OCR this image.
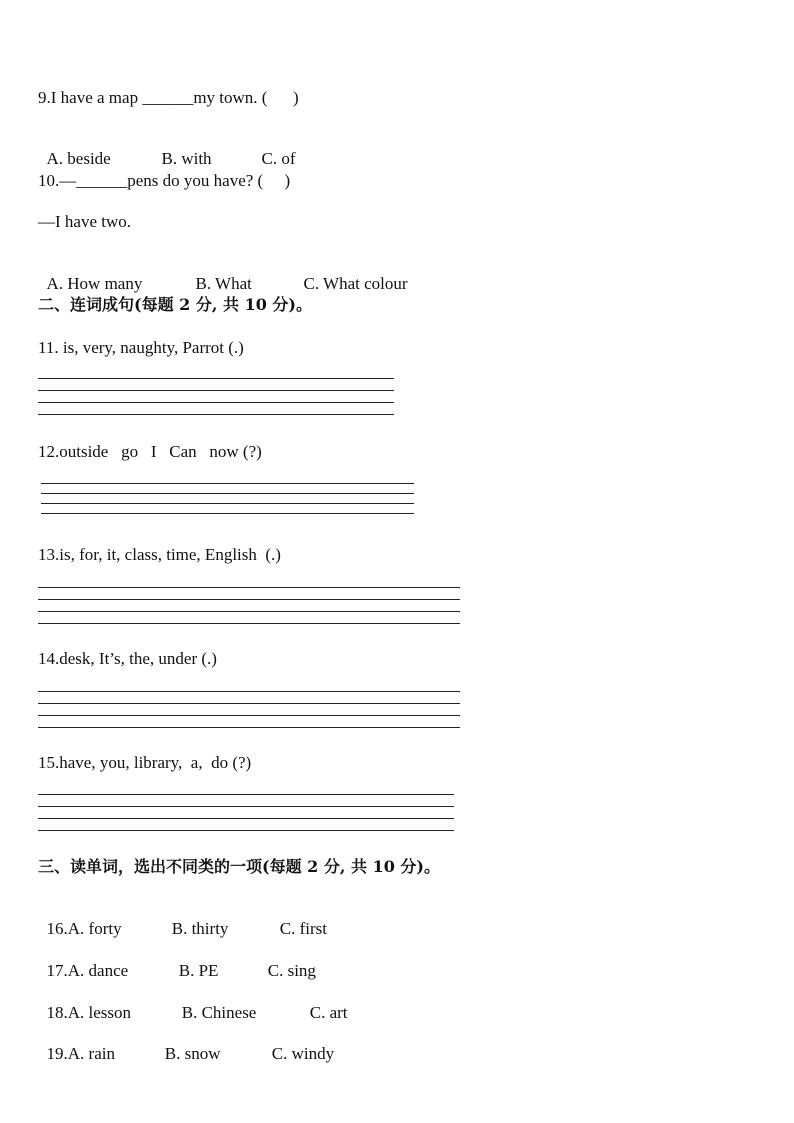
9.I have a map ______my town. (      )

A. beside	B. with	C. of

10.—______pens do you have? (     )
—I have two.

A. How many	B. What	C. What colour

二、连词成句(每题 2 分, 共 10 分)。
11. is, very, naughty, Parrot (.)
12.outside   go   I   Can   now (?)
13.is, for, it, class, time, English  (.)
14.desk, It’s, the, under (.)
15.have, you, library,  a,  do (?)
三、读单词，选出不同类的一项(每题 2 分, 共 10 分)。

16.A. forty	B. thirty	C. first

17.A. dance	B. PE	C. sing

18.A. lesson	B. Chinese	C. art

19.A. rain	B. snow	C. windy
